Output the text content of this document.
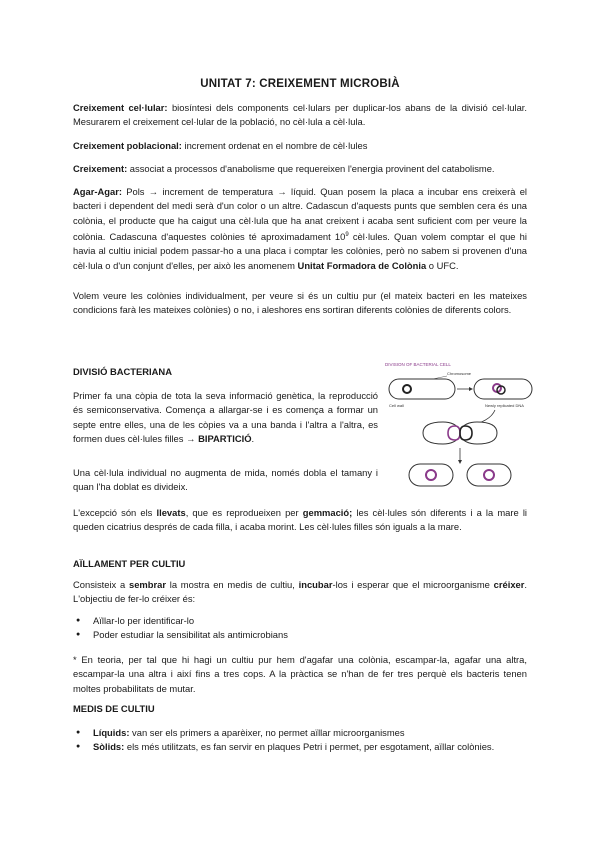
UNITAT 7: CREIXEMENT MICROBIÀ
Creixement cel·lular: biosíntesi dels components cel·lulars per duplicar-los abans de la divisió cel·lular. Mesurarem el creixement cel·lular de la població, no cèl·lula a cèl·lula.
Creixement poblacional: increment ordenat en el nombre de cèl·lules
Creixement: associat a processos d'anabolisme que requereixen l'energia provinent del catabolisme.
Agar-Agar: Pols → increment de temperatura → líquid. Quan posem la placa a incubar ens creixerà el bacteri i dependent del medi serà d'un color o un altre. Cadascun d'aquests punts que semblen cera és una colònia, el producte que ha caigut una cèl·lula que ha anat creixent i acaba sent suficient com per veure la colònia. Cadascuna d'aquestes colònies té aproximadament $10^9$ cèl·lules. Quan volem comptar el que hi havia al cultiu inicial podem passar-ho a una placa i comptar les colònies, però no sabem si provenen d'una cèl·lula o d'un conjunt d'elles, per això les anomenem Unitat Formadora de Colònia o UFC.
Volem veure les colònies individualment, per veure si és un cultiu pur (el mateix bacteri en les mateixes condicions farà les mateixes colònies) o no, i aleshores ens sortiran diferents colònies de diferents colors.
DIVISIÓ BACTERIANA
Primer fa una còpia de tota la seva informació genètica, la reproducció és semiconservativa. Comença a allargar-se i es comença a formar un septe entre elles, una de les còpies va a una banda i l'altra a l'altra, es formen dues cèl·lules filles → BIPARTICIÓ.
Una cèl·lula individual no augmenta de mida, només dobla el tamany i quan l'ha doblat es divideix.
DIVISION OF BACTERIAL CELL
Chromosome
Cell wall	Newly replicated DNA
L'excepció són els llevats, que es reprodueixen per gemmació; les cèl·lules són diferents i a la mare li queden cicatrius després de cada filla, i acaba morint. Les cèl·lules filles són iguals a la mare.
AÏLLAMENT PER CULTIU
Consisteix a sembrar la mostra en medis de cultiu, incubar-los i esperar que el microorganisme créixer. L'objectiu de fer-lo créixer és:
● Aïllar-lo per identificar-lo
● Poder estudiar la sensibilitat als antimicrobians
* En teoria, per tal que hi hagi un cultiu pur hem d'agafar una colònia, escampar-la, agafar una altra, escampar-la una altra i així fins a tres cops. A la pràctica se n'han de fer tres perquè els bacteris tenen moltes probabilitats de mutar.
MEDIS DE CULTIU
● Líquids: van ser els primers a aparèixer, no permet aïllar microorganismes
● Sòlids: els més utilitzats, es fan servir en plaques Petri i permet, per esgotament, aïllar colònies.
